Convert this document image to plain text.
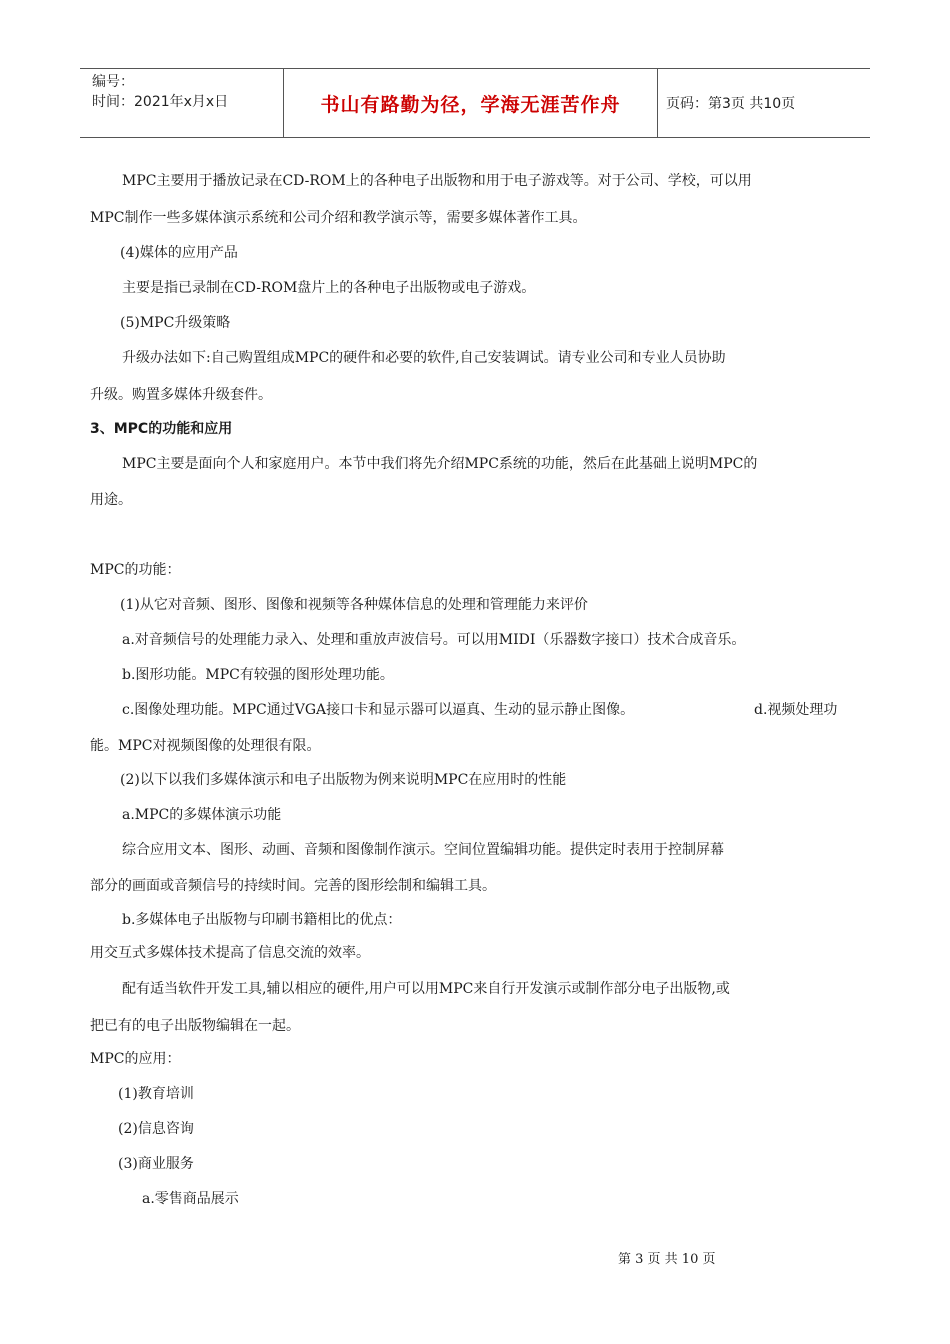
编号：
时间：2021年x月x日	书山有路勤为径，学海无涯苦作舟	页码：第3页 共10页
MPC主要用于播放记录在CD-ROM上的各种电子出版物和用于电子游戏等。对于公司、学校，可以用
MPC制作一些多媒体演示系统和公司介绍和教学演示等，需要多媒体著作工具。
(4)媒体的应用产品
主要是指已录制在CD-ROM盘片上的各种电子出版物或电子游戏。
(5)MPC升级策略
升级办法如下:自己购置组成MPC的硬件和必要的软件,自己安装调试。请专业公司和专业人员协助
升级。购置多媒体升级套件。
3、MPC的功能和应用
MPC主要是面向个人和家庭用户。本节中我们将先介绍MPC系统的功能，然后在此基础上说明MPC的
用途。
MPC的功能：
(1)从它对音频、图形、图像和视频等各种媒体信息的处理和管理能力来评价
a.对音频信号的处理能力录入、处理和重放声波信号。可以用MIDI（乐器数字接口）技术合成音乐。
b.图形功能。MPC有较强的图形处理功能。
c.图像处理功能。MPC通过VGA接口卡和显示器可以逼真、生动的显示静止图像。	d.视频处理功
能。MPC对视频图像的处理很有限。
(2)以下以我们多媒体演示和电子出版物为例来说明MPC在应用时的性能
a.MPC的多媒体演示功能
综合应用文本、图形、动画、音频和图像制作演示。空间位置编辑功能。提供定时表用于控制屏幕
部分的画面或音频信号的持续时间。完善的图形绘制和编辑工具。
b.多媒体电子出版物与印刷书籍相比的优点：
用交互式多媒体技术提高了信息交流的效率。
配有适当软件开发工具,辅以相应的硬件,用户可以用MPC来自行开发演示或制作部分电子出版物,或
把已有的电子出版物编辑在一起。
MPC的应用：
(1)教育培训
(2)信息咨询
(3)商业服务
a.零售商品展示
第 3 页 共 10 页
